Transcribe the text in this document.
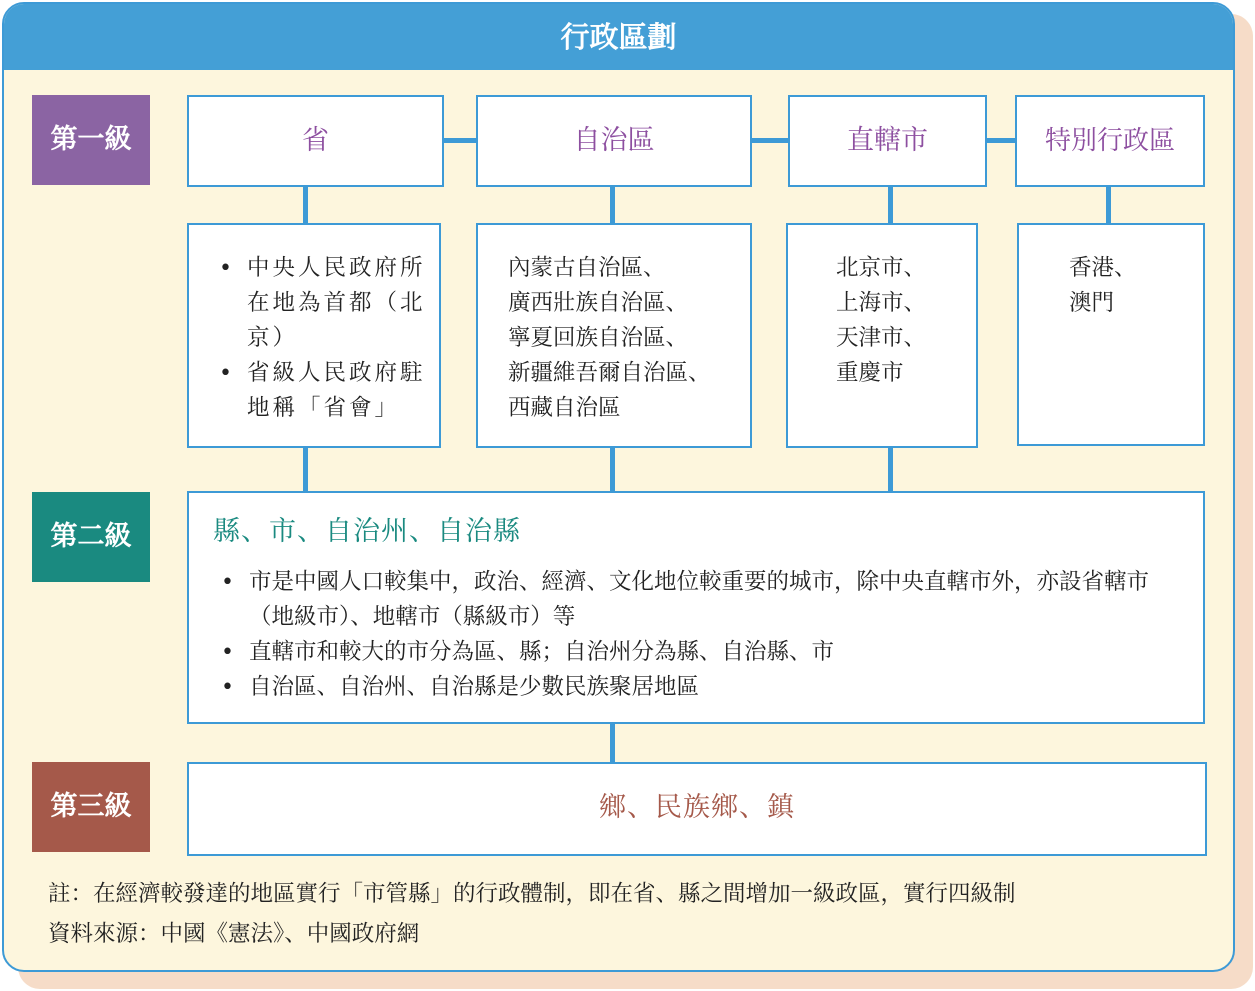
行政區劃
第一級
第二級
第三級
省	自治區	直轄市	特別行政區
• 中央人民政府所在地為首都（北京）
• 省級人民政府駐地稱「省會」
內蒙古自治區、
廣西壯族自治區、
寧夏回族自治區、
新疆維吾爾自治區、
西藏自治區
北京市、
上海市、
天津市、
重慶市
香港、
澳門
縣、市、自治州、自治縣
• 市是中國人口較集中，政治、經濟、文化地位較重要的城市，除中央直轄市外，亦設省轄市（地級市）、地轄市（縣級市）等
• 直轄市和較大的市分為區、縣；自治州分為縣、自治縣、市
• 自治區、自治州、自治縣是少數民族聚居地區
鄉、民族鄉、鎮
註：在經濟較發達的地區實行「市管縣」的行政體制，即在省、縣之間增加一級政區，實行四級制
資料來源：中國《憲法》、中國政府網
